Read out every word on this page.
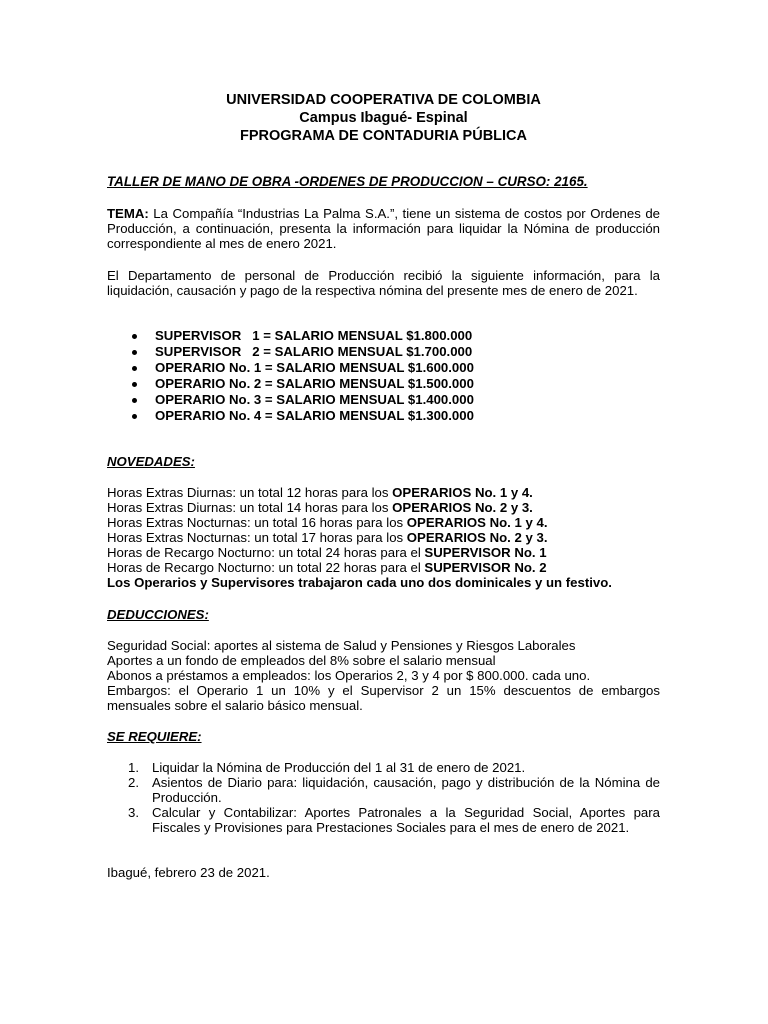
UNIVERSIDAD COOPERATIVA DE COLOMBIA
Campus Ibagué- Espinal
FPROGRAMA DE CONTADURIA PÚBLICA
TALLER DE MANO DE OBRA -ORDENES DE PRODUCCION – CURSO: 2165.
TEMA: La Compañía “Industrias La Palma S.A.”, tiene un sistema de costos por Ordenes de Producción, a continuación, presenta la información para liquidar la Nómina de producción correspondiente al mes de enero 2021.
El Departamento de personal de Producción recibió la siguiente información, para la liquidación, causación y pago de la respectiva nómina del presente mes de enero de 2021.
SUPERVISOR   1 = SALARIO MENSUAL $1.800.000
SUPERVISOR   2 = SALARIO MENSUAL $1.700.000
OPERARIO No. 1 = SALARIO MENSUAL $1.600.000
OPERARIO No. 2 = SALARIO MENSUAL $1.500.000
OPERARIO No. 3 = SALARIO MENSUAL $1.400.000
OPERARIO No. 4 = SALARIO MENSUAL $1.300.000
NOVEDADES:
Horas Extras Diurnas: un total 12 horas para los OPERARIOS No. 1 y 4.
Horas Extras Diurnas: un total 14 horas para los OPERARIOS No. 2 y 3.
Horas Extras Nocturnas: un total 16 horas para los OPERARIOS No. 1 y 4.
Horas Extras Nocturnas: un total 17 horas para los OPERARIOS No. 2 y 3.
Horas de Recargo Nocturno: un total 24 horas para el SUPERVISOR No. 1
Horas de Recargo Nocturno: un total 22 horas para el SUPERVISOR No. 2
Los Operarios y Supervisores trabajaron cada uno dos dominicales y un festivo.
DEDUCCIONES:
Seguridad Social: aportes al sistema de Salud y Pensiones y Riesgos Laborales
Aportes a un fondo de empleados del 8% sobre el salario mensual
Abonos a préstamos a empleados: los Operarios 2, 3 y 4 por $ 800.000. cada uno.
Embargos: el Operario 1 un 10% y el Supervisor 2 un 15% descuentos de embargos mensuales sobre el salario básico mensual.
SE REQUIERE:
1. Liquidar la Nómina de Producción del 1 al 31 de enero de 2021.
2. Asientos de Diario para: liquidación, causación, pago y distribución de la Nómina de Producción.
3. Calcular y Contabilizar: Aportes Patronales a la Seguridad Social, Aportes para Fiscales y Provisiones para Prestaciones Sociales para el mes de enero de 2021.
Ibagué, febrero 23 de 2021.
